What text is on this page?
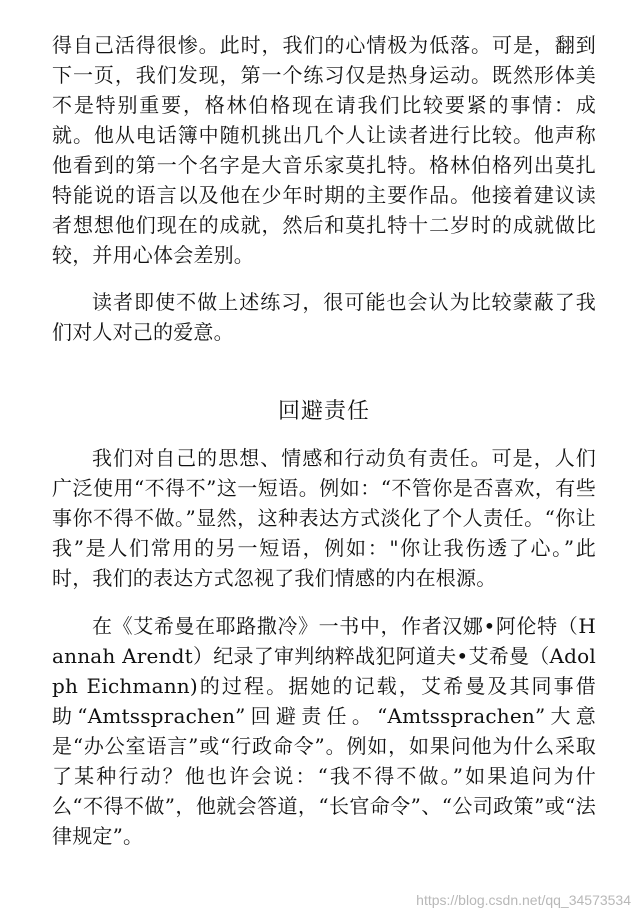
得自己活得很惨。此时，我们的心情极为低落。可是，翻到下一页，我们发现，第一个练习仅是热身运动。既然形体美不是特别重要，格林伯格现在请我们比较要紧的事情：成就。他从电话簿中随机挑出几个人让读者进行比较。他声称他看到的第一个名字是大音乐家莫扎特。格林伯格列出莫扎特能说的语言以及他在少年时期的主要作品。他接着建议读者想想他们现在的成就，然后和莫扎特十二岁时的成就做比较，并用心体会差别。

读者即使不做上述练习，很可能也会认为比较蒙蔽了我们对人对己的爱意。

回避责任

我们对自己的思想、情感和行动负有责任。可是，人们广泛使用“不得不”这一短语。例如：“不管你是否喜欢，有些事你不得不做。”显然，这种表达方式淡化了个人责任。“你让我”是人们常用的另一短语，例如："你让我伤透了心。”此时，我们的表达方式忽视了我们情感的内在根源。

在《艾希曼在耶路撒冷》一书中，作者汉娜•阿伦特（Hannah Arendt）纪录了审判纳粹战犯阿道夫•艾希曼（Adolph Eichmann)的过程。据她的记载，艾希曼及其同事借助“Amtssprachen”回避责任。“Amtssprachen”大意是“办公室语言”或“行政命令”。例如，如果问他为什么采取了某种行动？他也许会说：“我不得不做。”如果追问为什么“不得不做”，他就会答道，“长官命令”、“公司政策”或“法律规定”。

https://blog.csdn.net/qq_34573534
